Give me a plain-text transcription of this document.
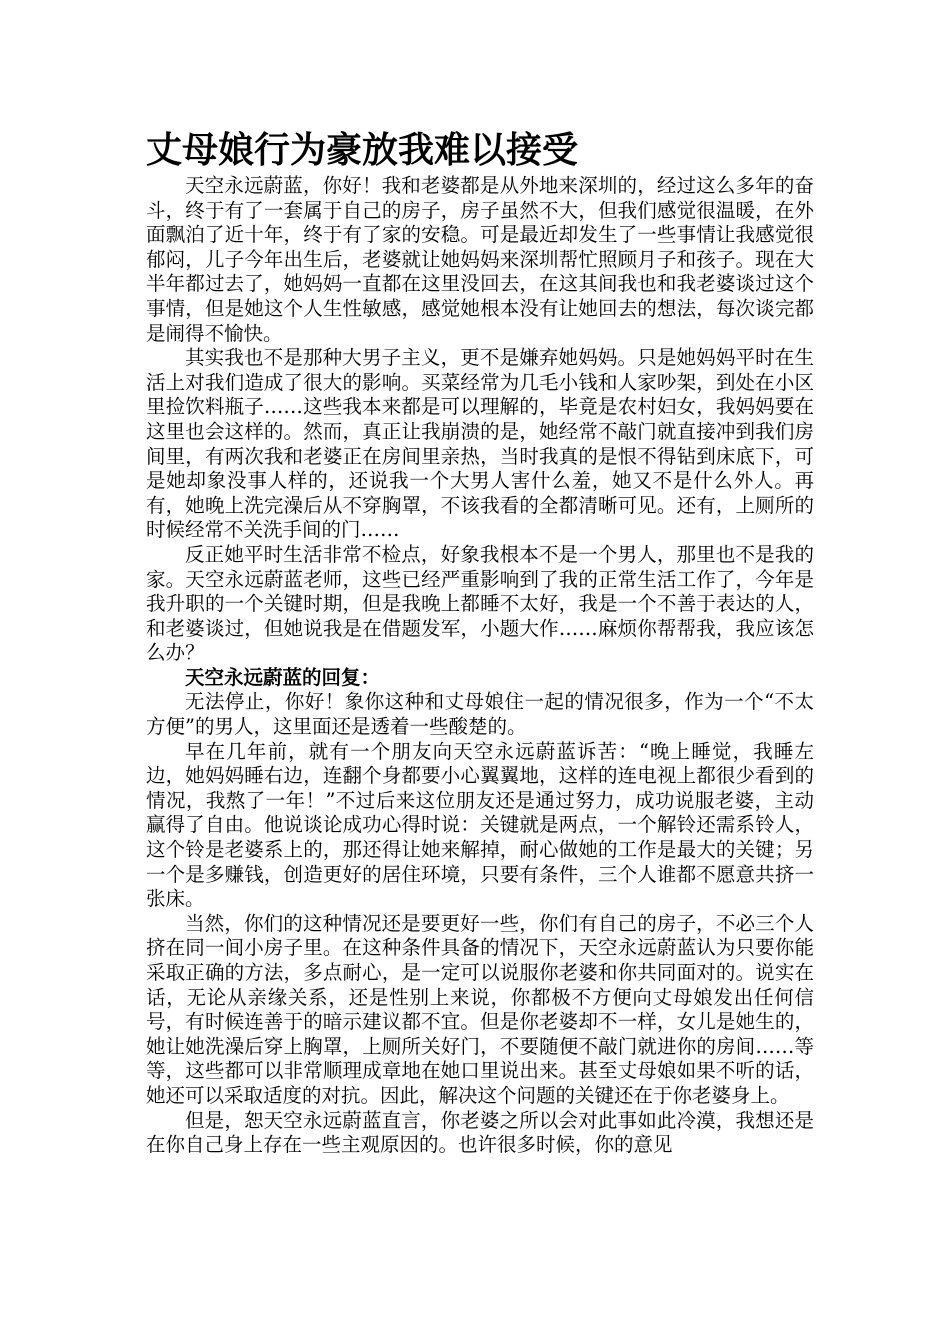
丈母娘行为豪放我难以接受

天空永远蔚蓝，你好！我和老婆都是从外地来深圳的，经过这么多年的奋斗，终于有了一套属于自己的房子，房子虽然不大，但我们感觉很温暖，在外面飘泊了近十年，终于有了家的安稳。可是最近却发生了一些事情让我感觉很郁闷，儿子今年出生后，老婆就让她妈妈来深圳帮忙照顾月子和孩子。现在大半年都过去了，她妈妈一直都在这里没回去，在这其间我也和我老婆谈过这个事情，但是她这个人生性敏感，感觉她根本没有让她回去的想法，每次谈完都是闹得不愉快。

其实我也不是那种大男子主义，更不是嫌弃她妈妈。只是她妈妈平时在生活上对我们造成了很大的影响。买菜经常为几毛小钱和人家吵架，到处在小区里捡饮料瓶子……这些我本来都是可以理解的，毕竟是农村妇女，我妈妈要在这里也会这样的。然而，真正让我崩溃的是，她经常不敲门就直接冲到我们房间里，有两次我和老婆正在房间里亲热，当时我真的是恨不得钻到床底下，可是她却象没事人样的，还说我一个大男人害什么羞，她又不是什么外人。再有，她晚上洗完澡后从不穿胸罩，不该我看的全都清晰可见。还有，上厕所的时候经常不关洗手间的门……

反正她平时生活非常不检点，好象我根本不是一个男人，那里也不是我的家。天空永远蔚蓝老师，这些已经严重影响到了我的正常生活工作了，今年是我升职的一个关键时期，但是我晚上都睡不太好，我是一个不善于表达的人，和老婆谈过，但她说我是在借题发军，小题大作……麻烦你帮帮我，我应该怎么办？

天空永远蔚蓝的回复：

无法停止，你好！象你这种和丈母娘住一起的情况很多，作为一个“不太方便”的男人，这里面还是透着一些酸楚的。

早在几年前，就有一个朋友向天空永远蔚蓝诉苦：“晚上睡觉，我睡左边，她妈妈睡右边，连翻个身都要小心翼翼地，这样的连电视上都很少看到的情况，我熬了一年！”不过后来这位朋友还是通过努力，成功说服老婆，主动赢得了自由。他说谈论成功心得时说：关键就是两点，一个解铃还需系铃人，这个铃是老婆系上的，那还得让她来解掉，耐心做她的工作是最大的关键；另一个是多赚钱，创造更好的居住环境，只要有条件，三个人谁都不愿意共挤一张床。

当然，你们的这种情况还是要更好一些，你们有自己的房子，不必三个人挤在同一间小房子里。在这种条件具备的情况下，天空永远蔚蓝认为只要你能采取正确的方法，多点耐心，是一定可以说服你老婆和你共同面对的。说实在话，无论从亲缘关系，还是性别上来说，你都极不方便向丈母娘发出任何信号，有时候连善于的暗示建议都不宜。但是你老婆却不一样，女儿是她生的，她让她洗澡后穿上胸罩，上厕所关好门，不要随便不敲门就进你的房间……等等，这些都可以非常顺理成章地在她口里说出来。甚至丈母娘如果不听的话，她还可以采取适度的对抗。因此，解决这个问题的关键还在于你老婆身上。

但是，恕天空永远蔚蓝直言，你老婆之所以会对此事如此冷漠，我想还是在你自己身上存在一些主观原因的。也许很多时候，你的意见
